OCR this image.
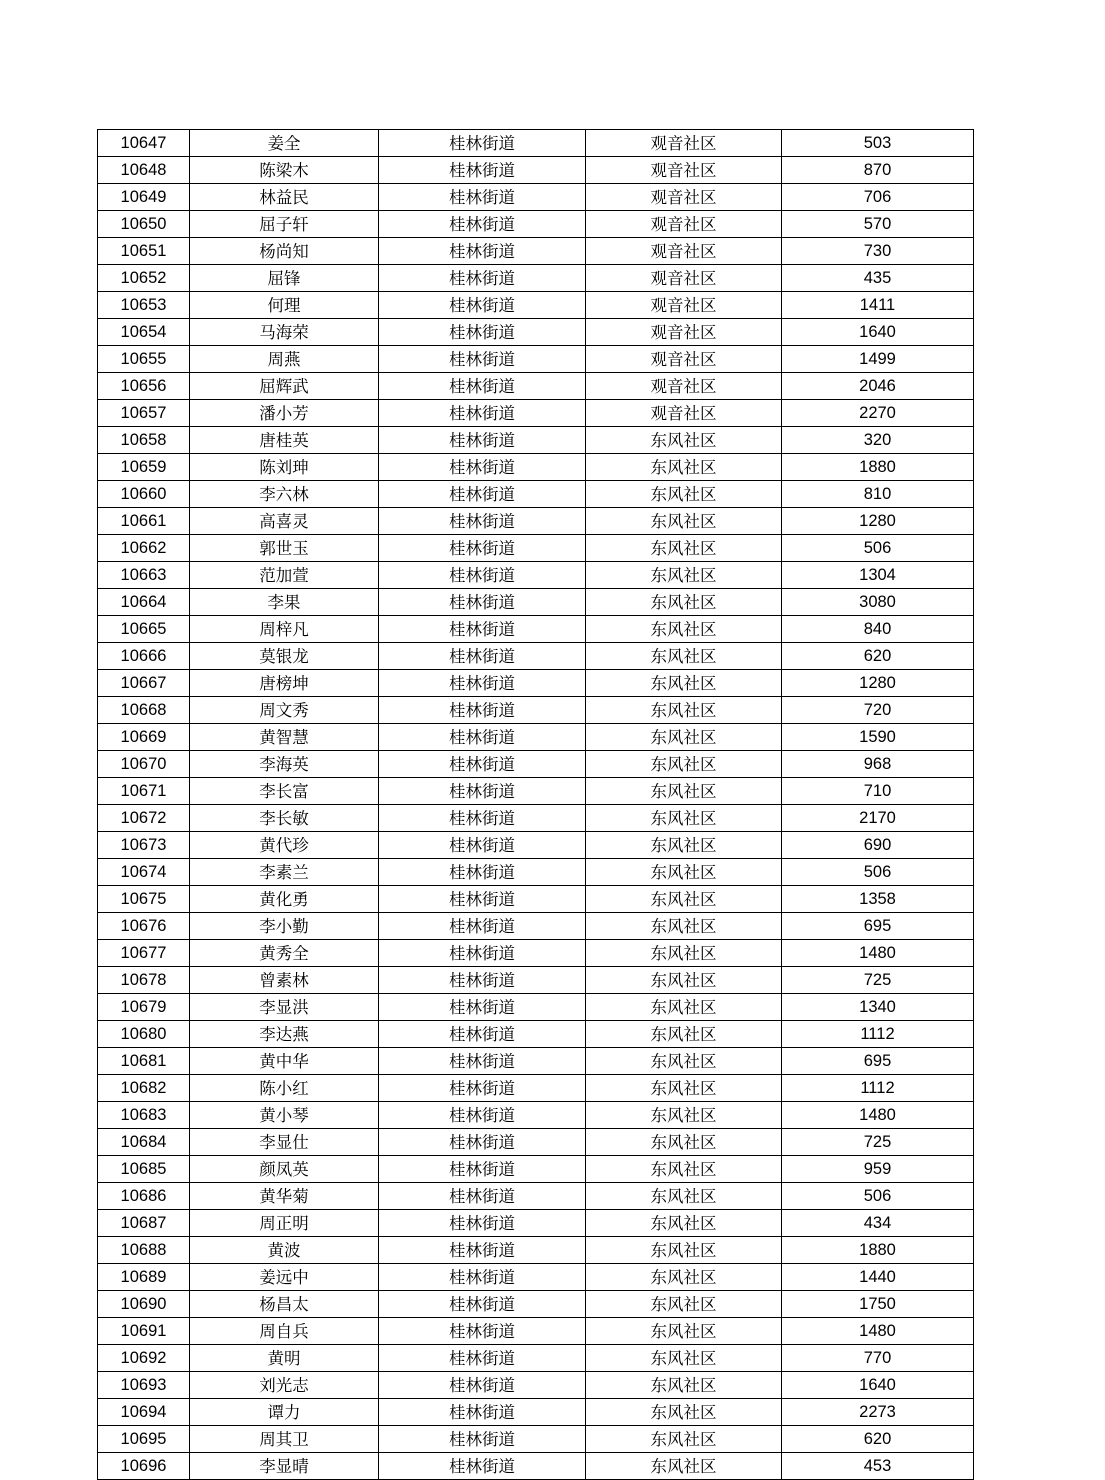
10647	姜全	桂林街道	观音社区	503
10648	陈梁木	桂林街道	观音社区	870
10649	林益民	桂林街道	观音社区	706
10650	屈子轩	桂林街道	观音社区	570
10651	杨尚知	桂林街道	观音社区	730
10652	屈锋	桂林街道	观音社区	435
10653	何理	桂林街道	观音社区	1411
10654	马海荣	桂林街道	观音社区	1640
10655	周燕	桂林街道	观音社区	1499
10656	屈辉武	桂林街道	观音社区	2046
10657	潘小芳	桂林街道	观音社区	2270
10658	唐桂英	桂林街道	东风社区	320
10659	陈刘珅	桂林街道	东风社区	1880
10660	李六林	桂林街道	东风社区	810
10661	高喜灵	桂林街道	东风社区	1280
10662	郭世玉	桂林街道	东风社区	506
10663	范加萱	桂林街道	东风社区	1304
10664	李果	桂林街道	东风社区	3080
10665	周梓凡	桂林街道	东风社区	840
10666	莫银龙	桂林街道	东风社区	620
10667	唐榜坤	桂林街道	东风社区	1280
10668	周文秀	桂林街道	东风社区	720
10669	黄智慧	桂林街道	东风社区	1590
10670	李海英	桂林街道	东风社区	968
10671	李长富	桂林街道	东风社区	710
10672	李长敏	桂林街道	东风社区	2170
10673	黄代珍	桂林街道	东风社区	690
10674	李素兰	桂林街道	东风社区	506
10675	黄化勇	桂林街道	东风社区	1358
10676	李小勤	桂林街道	东风社区	695
10677	黄秀全	桂林街道	东风社区	1480
10678	曾素林	桂林街道	东风社区	725
10679	李显洪	桂林街道	东风社区	1340
10680	李达燕	桂林街道	东风社区	1112
10681	黄中华	桂林街道	东风社区	695
10682	陈小红	桂林街道	东风社区	1112
10683	黄小琴	桂林街道	东风社区	1480
10684	李显仕	桂林街道	东风社区	725
10685	颜凤英	桂林街道	东风社区	959
10686	黄华菊	桂林街道	东风社区	506
10687	周正明	桂林街道	东风社区	434
10688	黄波	桂林街道	东风社区	1880
10689	姜远中	桂林街道	东风社区	1440
10690	杨昌太	桂林街道	东风社区	1750
10691	周自兵	桂林街道	东风社区	1480
10692	黄明	桂林街道	东风社区	770
10693	刘光志	桂林街道	东风社区	1640
10694	谭力	桂林街道	东风社区	2273
10695	周其卫	桂林街道	东风社区	620
10696	李显晴	桂林街道	东风社区	453
